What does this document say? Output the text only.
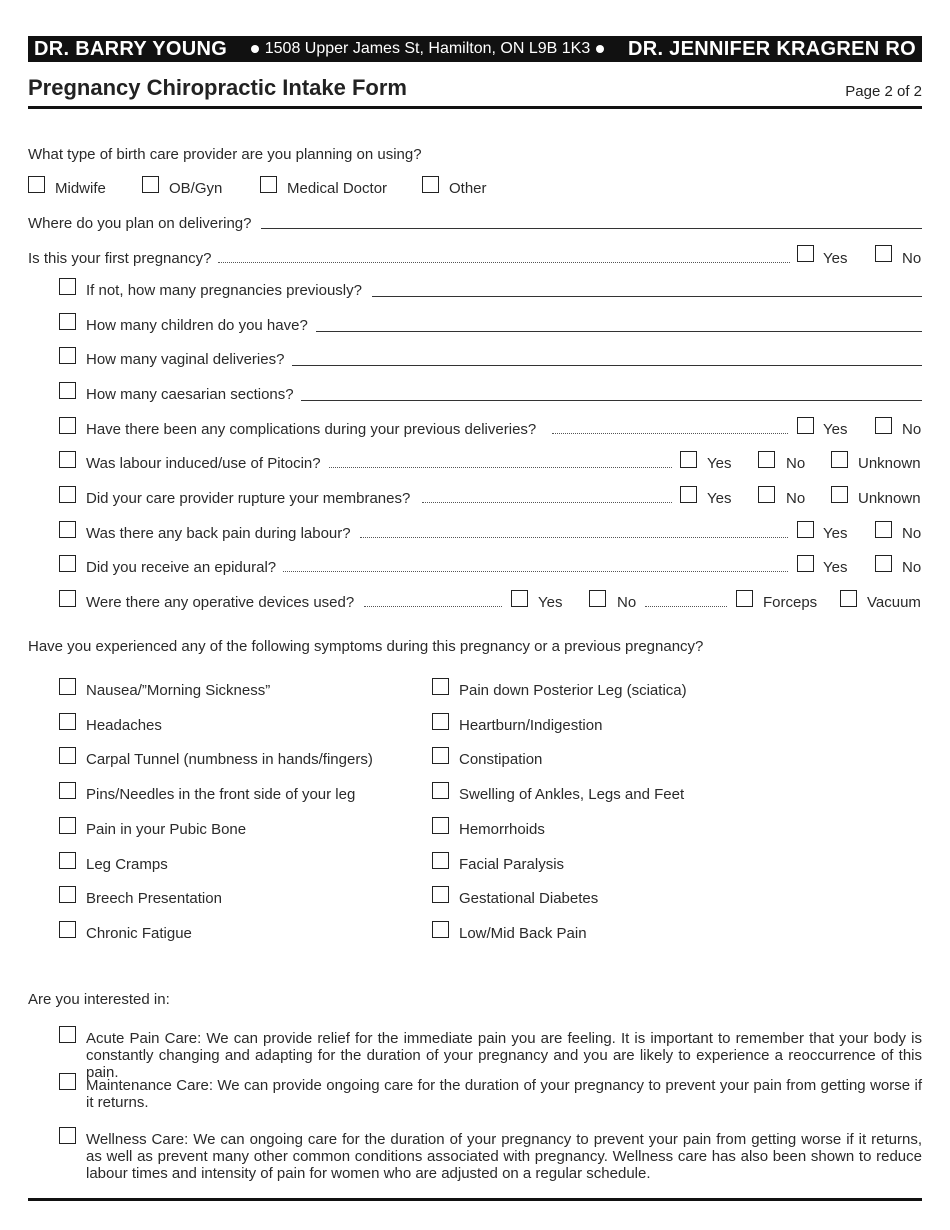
DR. BARRY YOUNG 1508 Upper James St, Hamilton, ON L9B 1K3 DR. JENNIFER KRAGREN RO
Pregnancy Chiropractic Intake Form	Page 2 of 2
What type of birth care provider are you planning on using?
Midwife	OB/Gyn	Medical Doctor	Other
Where do you plan on delivering?
Is this your first pregnancy?	Yes	No
If not, how many pregnancies previously?
How many children do you have?
How many vaginal deliveries?
How many caesarian sections?
Have there been any complications during your previous deliveries?	Yes	No
Was labour induced/use of Pitocin?	Yes	No	Unknown
Did your care provider rupture your membranes?	Yes	No	Unknown
Was there any back pain during labour?	Yes	No
Did you receive an epidural?	Yes	No
Were there any operative devices used?	Yes	No	Forceps	Vacuum
Have you experienced any of the following symptoms during this pregnancy or a previous pregnancy?
Nausea/”Morning Sickness”
Headaches
Carpal Tunnel (numbness in hands/fingers)
Pins/Needles in the front side of your leg
Pain in your Pubic Bone
Leg Cramps
Breech Presentation
Chronic Fatigue
Pain down Posterior Leg (sciatica)
Heartburn/Indigestion
Constipation
Swelling of Ankles, Legs and Feet
Hemorrhoids
Facial Paralysis
Gestational Diabetes
Low/Mid Back Pain
Are you interested in:
Acute Pain Care: We can provide relief for the immediate pain you are feeling. It is important to remember that your body is constantly changing and adapting for the duration of your pregnancy and you are likely to experience a reoccurrence of this pain.
Maintenance Care: We can provide ongoing care for the duration of your pregnancy to prevent your pain from getting worse if it returns.
Wellness Care: We can ongoing care for the duration of your pregnancy to prevent your pain from getting worse if it returns, as well as prevent many other common conditions associated with pregnancy. Wellness care has also been shown to reduce labour times and intensity of pain for women who are adjusted on a regular schedule.
